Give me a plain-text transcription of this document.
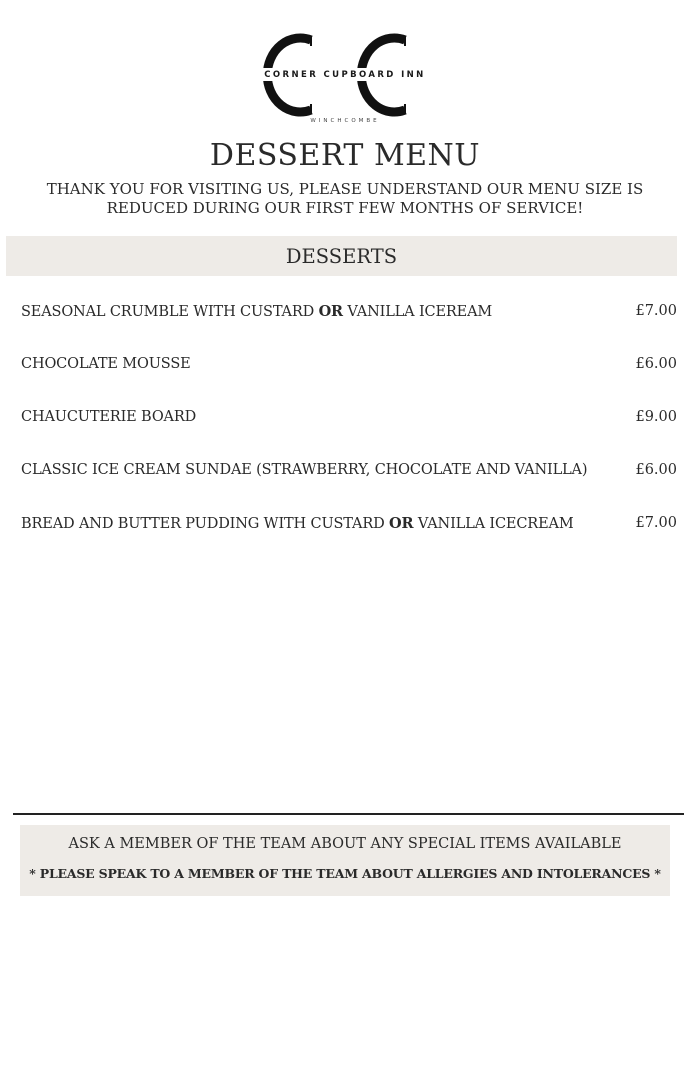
CORNER CUPBOARD INN
WINCHCOMBE
DESSERT MENU
THANK YOU FOR VISITING US, PLEASE UNDERSTAND OUR MENU SIZE IS REDUCED DURING OUR FIRST FEW MONTHS OF SERVICE!
DESSERTS
SEASONAL CRUMBLE WITH CUSTARD OR VANILLA ICEREAM	£7.00
CHOCOLATE MOUSSE	£6.00
CHAUCUTERIE BOARD	£9.00
CLASSIC ICE CREAM SUNDAE (STRAWBERRY, CHOCOLATE AND VANILLA)	£6.00
BREAD AND BUTTER PUDDING WITH CUSTARD OR VANILLA ICECREAM	£7.00
ASK A MEMBER OF THE TEAM ABOUT ANY SPECIAL ITEMS AVAILABLE
* PLEASE SPEAK TO A MEMBER OF THE TEAM ABOUT ALLERGIES AND INTOLERANCES *
